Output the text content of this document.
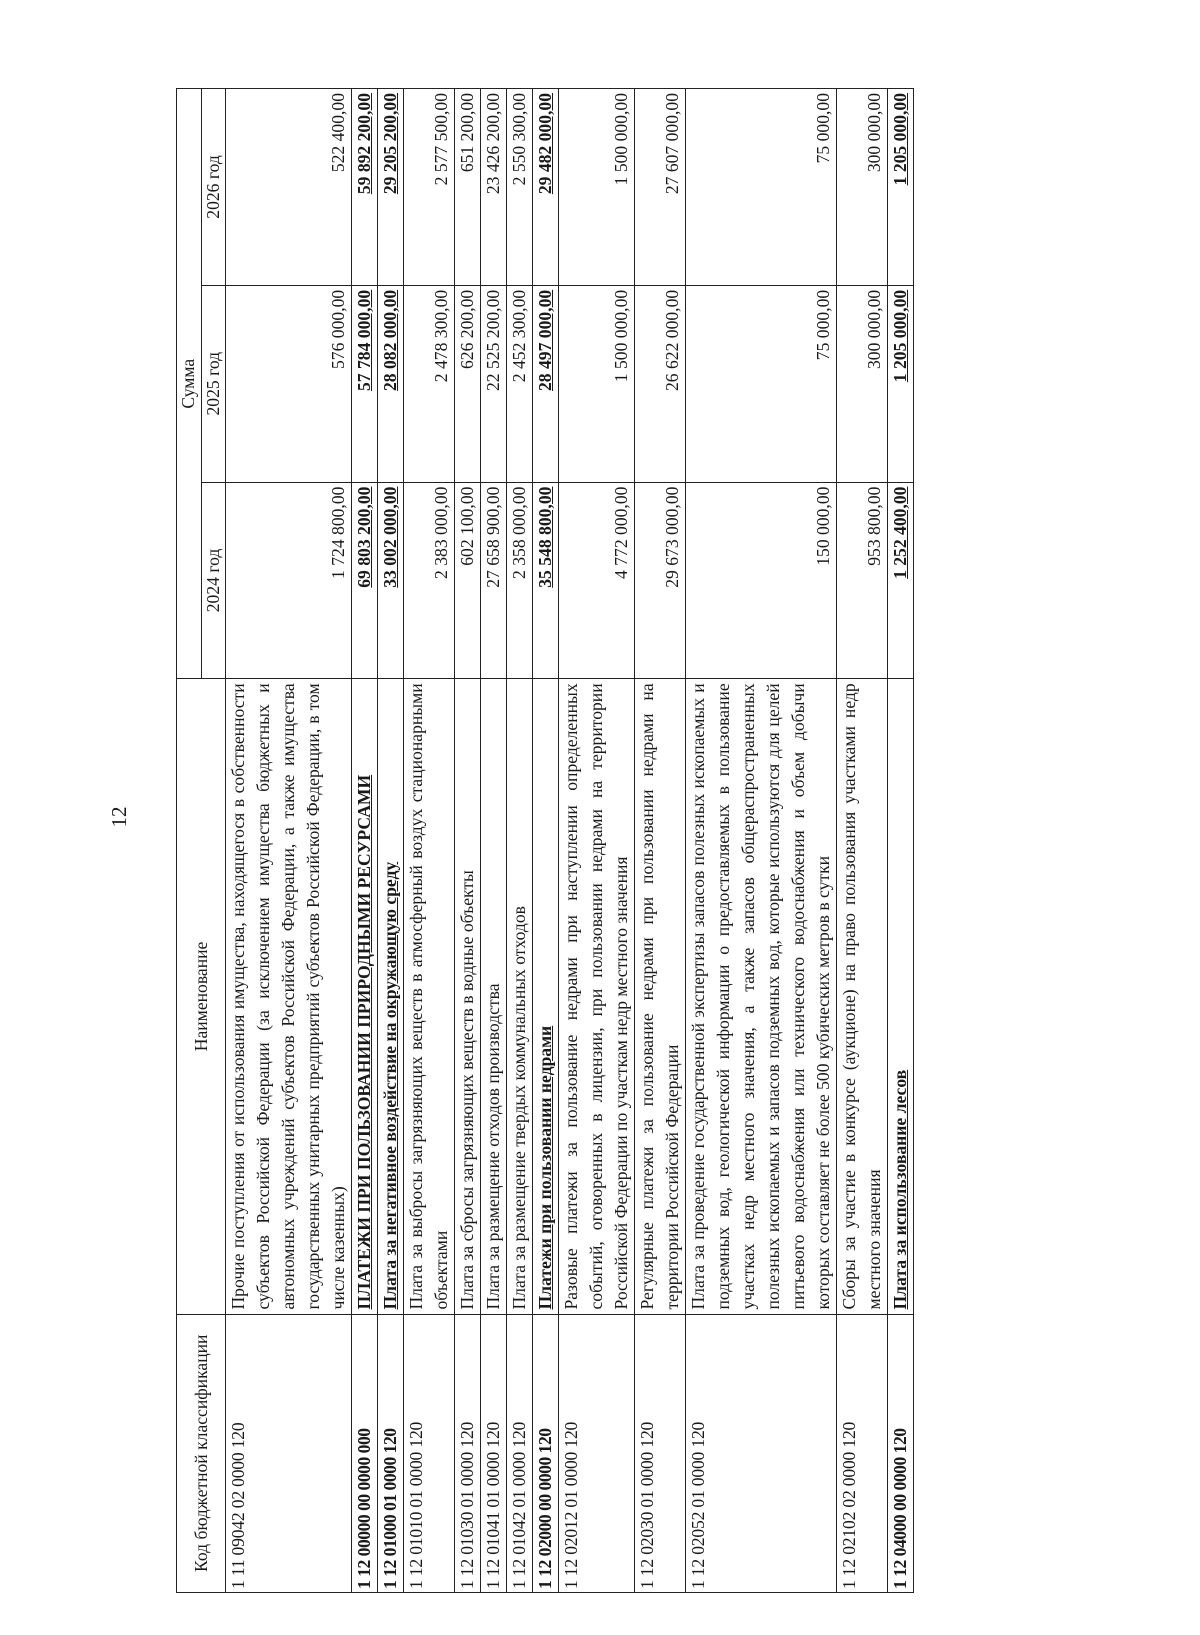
12
Код бюджетной классификации	Наименование	Сумма		
		2024 год	2025 год	2026 год
1 11 09042 02 0000 120	Прочие поступления от использования имущества, находящегося в собственности субъектов Российской Федерации (за исключением имущества бюджетных и автономных учреждений субъектов Российской Федерации, а также имущества государственных унитарных предприятий субъектов Российской Федерации, в том числе казенных)	1 724 800,00	576 000,00	522 400,00
1 12 00000 00 0000 000	ПЛАТЕЖИ ПРИ ПОЛЬЗОВАНИИ ПРИРОДНЫМИ РЕСУРСАМИ	69 803 200,00	57 784 000,00	59 892 200,00
1 12 01000 01 0000 120	Плата за негативное воздействие на окружающую среду	33 002 000,00	28 082 000,00	29 205 200,00
1 12 01010 01 0000 120	Плата за выбросы загрязняющих веществ в атмосферный воздух стационарными объектами	2 383 000,00	2 478 300,00	2 577 500,00
1 12 01030 01 0000 120	Плата за сбросы загрязняющих веществ в водные объекты	602 100,00	626 200,00	651 200,00
1 12 01041 01 0000 120	Плата за размещение отходов производства	27 658 900,00	22 525 200,00	23 426 200,00
1 12 01042 01 0000 120	Плата за размещение твердых коммунальных отходов	2 358 000,00	2 452 300,00	2 550 300,00
1 12 02000 00 0000 120	Платежи при пользовании недрами	35 548 800,00	28 497 000,00	29 482 000,00
1 12 02012 01 0000 120	Разовые платежи за пользование недрами при наступлении определенных событий, оговоренных в лицензии, при пользовании недрами на территории Российской Федерации по участкам недр местного значения	4 772 000,00	1 500 000,00	1 500 000,00
1 12 02030 01 0000 120	Регулярные платежи за пользование недрами при пользовании недрами на территории Российской Федерации	29 673 000,00	26 622 000,00	27 607 000,00
1 12 02052 01 0000 120	Плата за проведение государственной экспертизы запасов полезных ископаемых и подземных вод, геологической информации о предоставляемых в пользование участках недр местного значения, а также запасов общераспространенных полезных ископаемых и запасов подземных вод, которые используются для целей питьевого водоснабжения или технического водоснабжения и объем добычи которых составляет не более 500 кубических метров в сутки	150 000,00	75 000,00	75 000,00
1 12 02102 02 0000 120	Сборы за участие в конкурсе (аукционе) на право пользования участками недр местного значения	953 800,00	300 000,00	300 000,00
1 12 04000 00 0000 120	Плата за использование лесов	1 252 400,00	1 205 000,00	1 205 000,00
